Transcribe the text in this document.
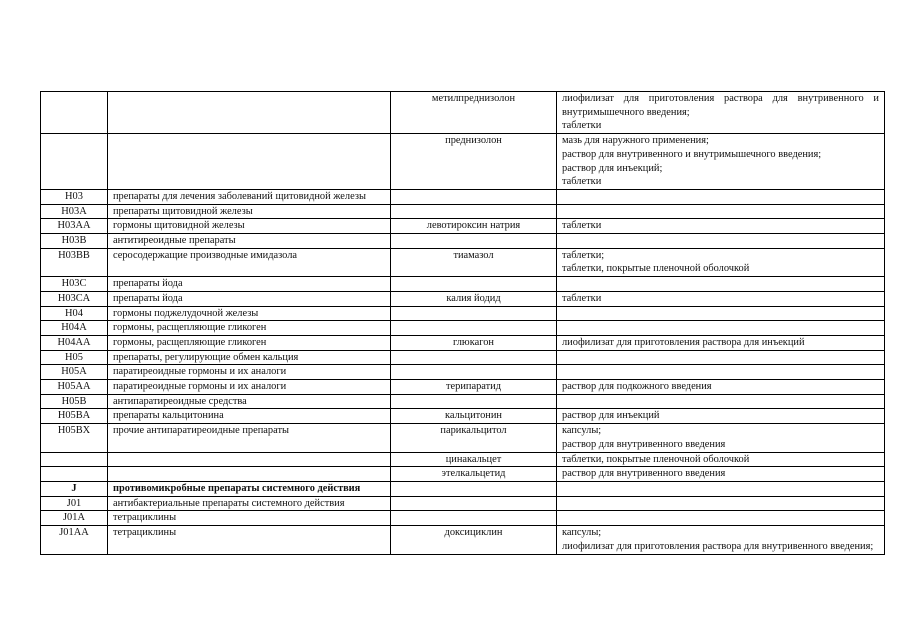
		метилпреднизолон	лиофилизат для приготовления раствора для внутривенного и внутримышечного введения;
таблетки

		преднизолон	мазь для наружного применения;
раствор для внутривенного и внутримышечного введения;
раствор для инъекций;
таблетки

H03	препараты для лечения заболеваний щитовидной железы		
H03A	препараты щитовидной железы		
H03AA	гормоны щитовидной железы	левотироксин натрия	таблетки

H03B	антитиреоидные препараты		
H03BB	серосодержащие производные имидазола	тиамазол	таблетки;
таблетки, покрытые пленочной оболочкой

H03C	препараты йода		
H03CA	препараты йода	калия йодид	таблетки

H04	гормоны поджелудочной железы		
H04A	гормоны, расщепляющие гликоген		
H04AA	гормоны, расщепляющие гликоген	глюкагон	лиофилизат для приготовления раствора для инъекций

H05	препараты, регулирующие обмен кальция		
H05A	паратиреоидные гормоны и их аналоги		
H05AA	паратиреоидные гормоны и их аналоги	терипаратид	раствор для подкожного введения

H05B	антипаратиреоидные средства		
H05BA	препараты кальцитонина	кальцитонин	раствор для инъекций

H05BX	прочие антипаратиреоидные препараты	парикальцитол	капсулы;
раствор для внутривенного введения

		цинакальцет	таблетки, покрытые пленочной оболочкой

		этелкальцетид	раствор для внутривенного введения

J	противомикробные препараты системного действия		
J01	антибактериальные препараты системного действия		
J01A	тетрациклины		
J01AA	тетрациклины	доксициклин	капсулы;
лиофилизат для приготовления раствора для внутривенного введения;
